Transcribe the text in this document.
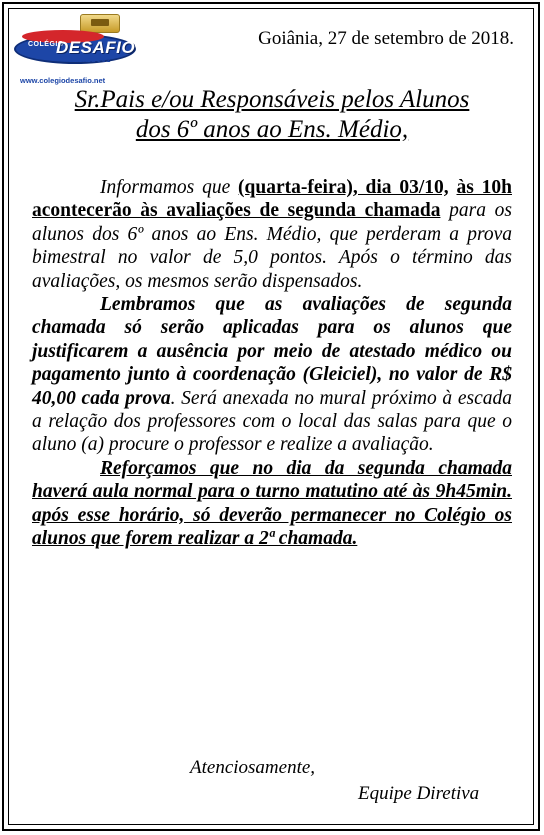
COLÉGIO
DESAFIO
UNIDADE 1 e 2
www.colegiodesafio.net
Goiânia, 27 de setembro de 2018.
Sr.Pais e/ou Responsáveis pelos Alunos
dos 6º anos ao Ens. Médio,

Informamos que (quarta-feira), dia 03/10, às 10h acontecerão às avaliações de segunda chamada para os alunos dos 6º anos ao Ens. Médio, que perderam a prova bimestral no valor de 5,0 pontos. Após o término das avaliações, os mesmos serão dispensados.

Lembramos que as avaliações de segunda chamada só serão aplicadas para os alunos que justificarem a ausência por meio de atestado médico ou pagamento junto à coordenação (Gleiciel), no valor de R$ 40,00 cada prova. Será anexada no mural próximo à escada a relação dos professores com o local das salas para que o aluno (a) procure o professor e realize a avaliação.

Reforçamos que no dia da segunda chamada haverá aula normal para o turno matutino até às 9h45min. após esse horário, só deverão permanecer no Colégio os alunos que forem realizar a 2ª chamada.

Atenciosamente,
Equipe Diretiva
